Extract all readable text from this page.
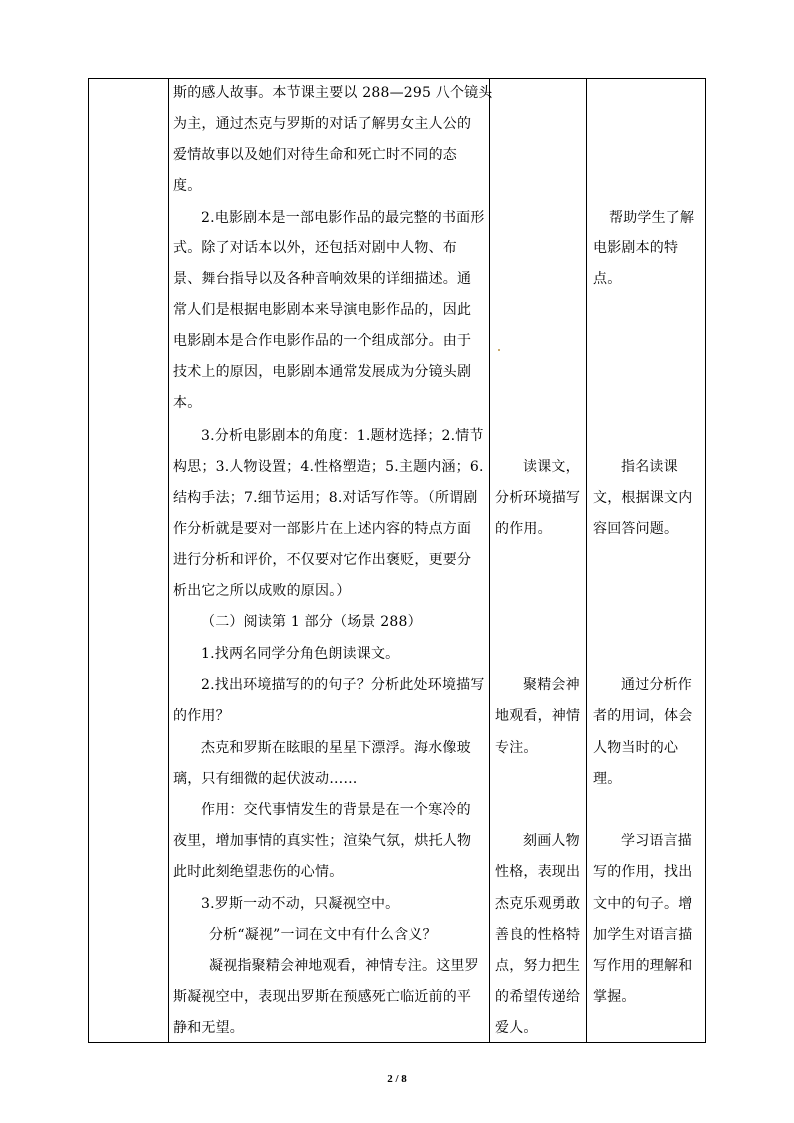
斯的感人故事。本节课主要以 288—295 八个镜头
为主，通过杰克与罗斯的对话了解男女主人公的
爱情故事以及她们对待生命和死亡时不同的态
度。
2.电影剧本是一部电影作品的最完整的书面形
式。除了对话本以外，还包括对剧中人物、布
景、舞台指导以及各种音响效果的详细描述。通
常人们是根据电影剧本来导演电影作品的，因此
电影剧本是合作电影作品的一个组成部分。由于
技术上的原因，电影剧本通常发展成为分镜头剧
本。
3.分析电影剧本的角度：1.题材选择；2.情节
构思；3.人物设置；4.性格塑造；5.主题内涵；6.
结构手法；7.细节运用；8.对话写作等。（所谓剧
作分析就是要对一部影片在上述内容的特点方面
进行分析和评价，不仅要对它作出褒贬，更要分
析出它之所以成败的原因。）
（二）阅读第 1 部分（场景 288）
1.找两名同学分角色朗读课文。
2.找出环境描写的的句子？分析此处环境描写
的作用？
杰克和罗斯在眩眼的星星下漂浮。海水像玻
璃，只有细微的起伏波动……
作用：交代事情发生的背景是在一个寒冷的
夜里，增加事情的真实性；渲染气氛，烘托人物
此时此刻绝望悲伤的心情。
3.罗斯一动不动，只凝视空中。
分析“凝视”一词在文中有什么含义？
凝视指聚精会神地观看，神情专注。这里罗
斯凝视空中，表现出罗斯在预感死亡临近前的平
静和无望。
读课文，
分析环境描写
的作用。
聚精会神
地观看，神情
专注。
刻画人物
性格，表现出
杰克乐观勇敢
善良的性格特
点，努力把生
的希望传递给
爱人。
帮助学生了解
电影剧本的特
点。
指名读课
文，根据课文内
容回答问题。
通过分析作
者的用词，体会
人物当时的心
理。
学习语言描
写的作用，找出
文中的句子。增
加学生对语言描
写作用的理解和
掌握。
2 / 8
